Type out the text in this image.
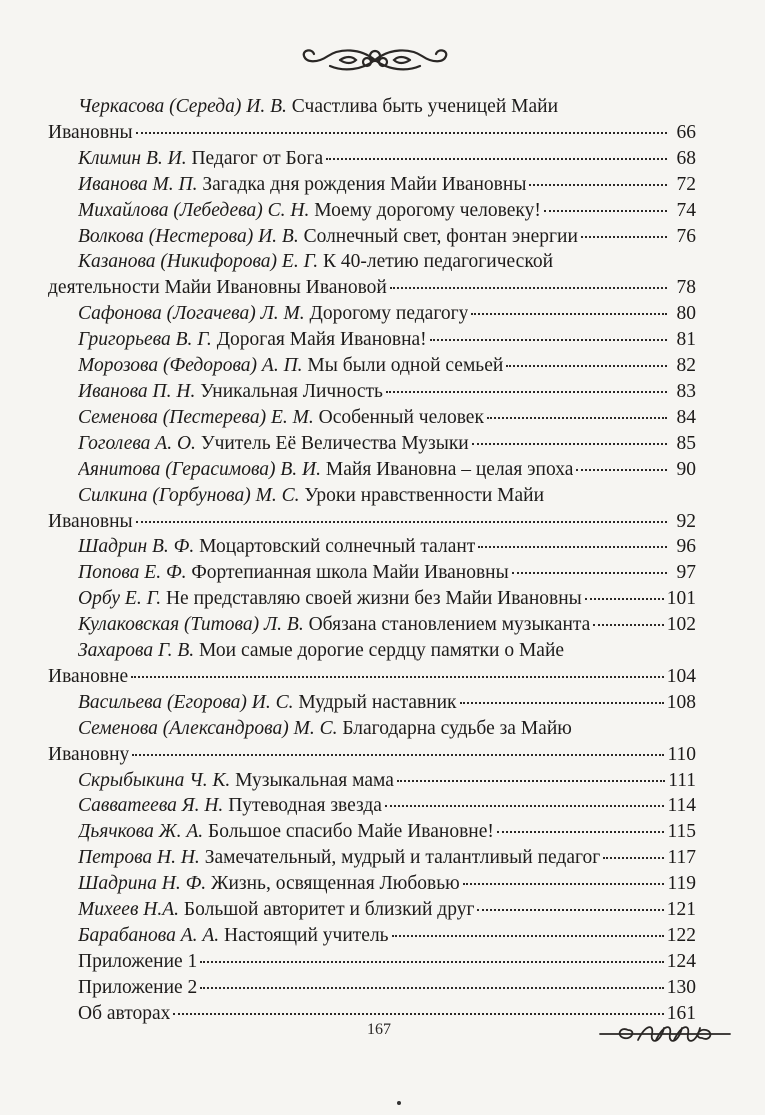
Черкасова (Середа) И. В. Счастлива быть ученицей Майи
Ивановны	66
Климин В. И. Педагог от Бога	68
Иванова М. П. Загадка дня рождения Майи Ивановны	72
Михайлова (Лебедева) С. Н. Моему дорогому человеку!	74
Волкова (Нестерова) И. В. Солнечный свет, фонтан энергии	76
Казанова (Никифорова) Е. Г. К 40-летию педагогической
деятельности Майи Ивановны Ивановой	78
Сафонова (Логачева) Л. М. Дорогому педагогу	80
Григорьева В. Г. Дорогая Майя Ивановна!	81
Морозова (Федорова) А. П. Мы были одной семьей	82
Иванова П. Н. Уникальная Личность	83
Семенова (Пестерева) Е. М. Особенный человек	84
Гоголева А. О. Учитель Её Величества Музыки	85
Аянитова (Герасимова) В. И. Майя Ивановна – целая эпоха	90
Силкина (Горбунова) М. С. Уроки нравственности Майи
Ивановны	92
Шадрин В. Ф. Моцартовский солнечный талант	96
Попова Е. Ф. Фортепианная школа Майи Ивановны	97
Орбу Е. Г. Не представляю своей жизни без Майи Ивановны	101
Кулаковская (Титова) Л. В. Обязана становлением музыканта	102
Захарова Г. В. Мои самые дорогие сердцу памятки о Майе
Ивановне	104
Васильева (Егорова) И. С. Мудрый наставник	108
Семенова (Александрова) М. С. Благодарна судьбе за Майю
Ивановну	110
Скрыбыкина Ч. К. Музыкальная мама	111
Савватеева Я. Н. Путеводная звезда	114
Дьячкова Ж. А. Большое спасибо Майе Ивановне!	115
Петрова Н. Н. Замечательный, мудрый и талантливый педагог	117
Шадрина Н. Ф. Жизнь, освященная Любовью	119
Михеев Н.А. Большой авторитет и близкий друг	121
Барабанова А. А. Настоящий учитель	122
Приложение 1	124
Приложение 2	130
Об авторах	161
167
